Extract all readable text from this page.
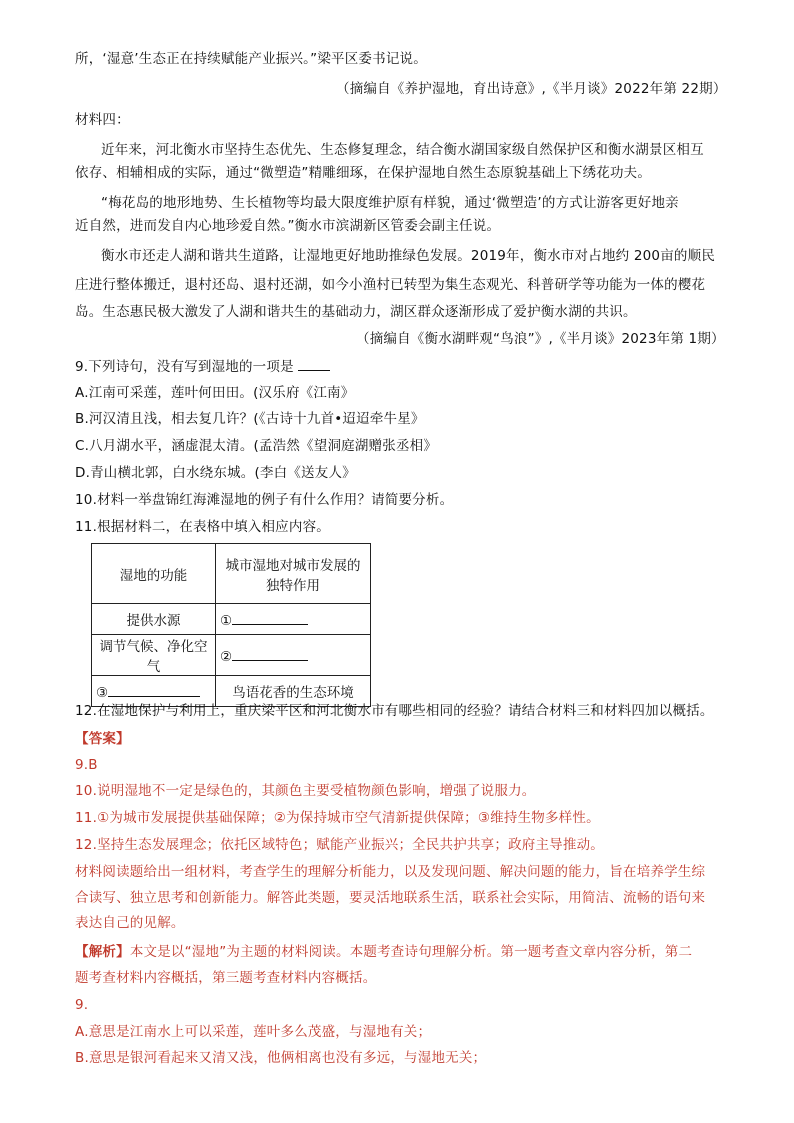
所，‘湿意’生态正在持续赋能产业振兴。”梁平区委书记说。
（摘编自《养护湿地，育出诗意》,《半月谈》2022年第 22期）
材料四：
近年来，河北衡水市坚持生态优先、生态修复理念，结合衡水湖国家级自然保护区和衡水湖景区相互
依存、相辅相成的实际，通过“微塑造”精雕细琢，在保护湿地自然生态原貌基础上下绣花功夫。
“梅花岛的地形地势、生长植物等均最大限度维护原有样貌，通过‘微塑造’的方式让游客更好地亲
近自然，进而发自内心地珍爱自然。”衡水市滨湖新区管委会副主任说。
衡水市还走人湖和谐共生道路，让湿地更好地助推绿色发展。2019年，衡水市对占地约 200亩的顺民
庄进行整体搬迁，退村还岛、退村还湖，如今小渔村已转型为集生态观光、科普研学等功能为一体的樱花
岛。生态惠民极大激发了人湖和谐共生的基础动力，湖区群众逐渐形成了爱护衡水湖的共识。
（摘编自《衡水湖畔观“鸟浪”》,《半月谈》2023年第 1期）
9.下列诗句，没有写到湿地的一项是
A.江南可采莲，莲叶何田田。(汉乐府《江南》
B.河汉清且浅，相去复几许？(《古诗十九首•迢迢牵牛星》
C.八月湖水平，涵虚混太清。(孟浩然《望洞庭湖赠张丞相》
D.青山横北郭，白水绕东城。(李白《送友人》
10.材料一举盘锦红海滩湿地的例子有什么作用？请简要分析。
11.根据材料二，在表格中填入相应内容。
湿地的功能	城市湿地对城市发展的
独特作用

提供水源	①
调节气候、净化空气	②
③	鸟语花香的生态环境
12.在湿地保护与利用上，重庆梁平区和河北衡水市有哪些相同的经验？请结合材料三和材料四加以概括。
【答案】
9.B
10.说明湿地不一定是绿色的，其颜色主要受植物颜色影响，增强了说服力。
11.①为城市发展提供基础保障；②为保持城市空气清新提供保障；③维持生物多样性。
12.坚持生态发展理念；依托区域特色；赋能产业振兴；全民共护共享；政府主导推动。
材料阅读题给出一组材料，考查学生的理解分析能力，以及发现问题、解决问题的能力，旨在培养学生综
合读写、独立思考和创新能力。解答此类题，要灵活地联系生活，联系社会实际，用简洁、流畅的语句来
表达自己的见解。
【解析】本文是以“湿地”为主题的材料阅读。本题考查诗句理解分析。第一题考查文章内容分析，第二
题考查材料内容概括，第三题考查材料内容概括。
9.
A.意思是江南水上可以采莲，莲叶多么茂盛，与湿地有关；
B.意思是银河看起来又清又浅，他俩相离也没有多远，与湿地无关；
